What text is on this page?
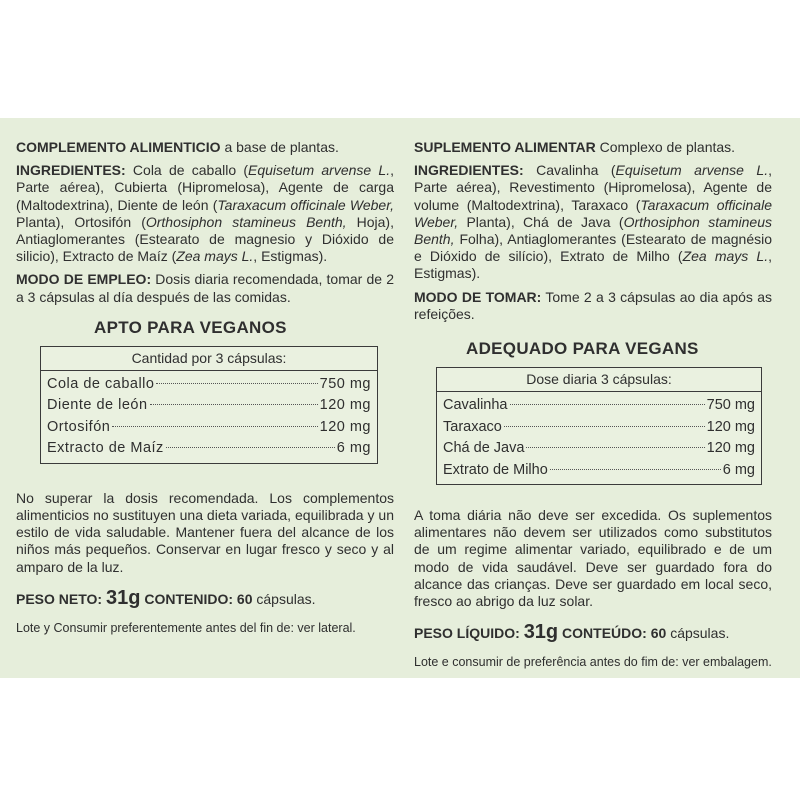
COMPLEMENTO ALIMENTICIO a base de plantas.

INGREDIENTES: Cola de caballo (Equisetum arvense L., Parte aérea), Cubierta (Hipromelosa), Agente de carga (Maltodextrina), Diente de león (Taraxacum officinale Weber, Planta), Ortosifón (Orthosiphon stamineus Benth, Hoja), Antiaglomerantes (Estearato de magnesio y Dióxido de silicio), Extracto de Maíz (Zea mays L., Estigmas).

MODO DE EMPLEO: Dosis diaria recomendada, tomar de 2 a 3 cápsulas al día después de las comidas.

APTO PARA VEGANOS
Cantidad por 3 cápsulas:
Cola de caballo	750 mg
Diente de león	120 mg
Ortosifón	120 mg
Extracto de Maíz	6 mg

No superar la dosis recomendada. Los complementos alimenticios no sustituyen una dieta variada, equilibrada y un estilo de vida saludable. Mantener fuera del alcance de los niños más pequeños. Conservar en lugar fresco y seco y al amparo de la luz.

PESO NETO: 31g CONTENIDO: 60 cápsulas.

Lote y Consumir preferentemente antes del fin de: ver lateral.

SUPLEMENTO ALIMENTAR Complexo de plantas.

INGREDIENTES: Cavalinha (Equisetum arvense L., Parte aérea), Revestimento (Hipromelosa), Agente de volume (Maltodextrina), Taraxaco (Taraxacum officinale Weber, Planta), Chá de Java (Orthosiphon stamineus Benth, Folha), Antiaglomerantes (Estearato de magnésio e Dióxido de silício), Extrato de Milho (Zea mays L., Estigmas).

MODO DE TOMAR: Tome 2 a 3 cápsulas ao dia após as refeições.

ADEQUADO PARA VEGANS
Dose diaria 3 cápsulas:
Cavalinha	750 mg
Taraxaco	120 mg
Chá de Java	120 mg
Extrato de Milho	6 mg

A toma diária não deve ser excedida. Os suplementos alimentares não devem ser utilizados como substitutos de um regime alimentar variado, equilibrado e de um modo de vida saudável. Deve ser guardado fora do alcance das crianças. Deve ser guardado em local seco, fresco ao abrigo da luz solar.

PESO LÍQUIDO: 31g CONTEÚDO: 60 cápsulas.

Lote e consumir de preferência antes do fim de: ver embalagem.
